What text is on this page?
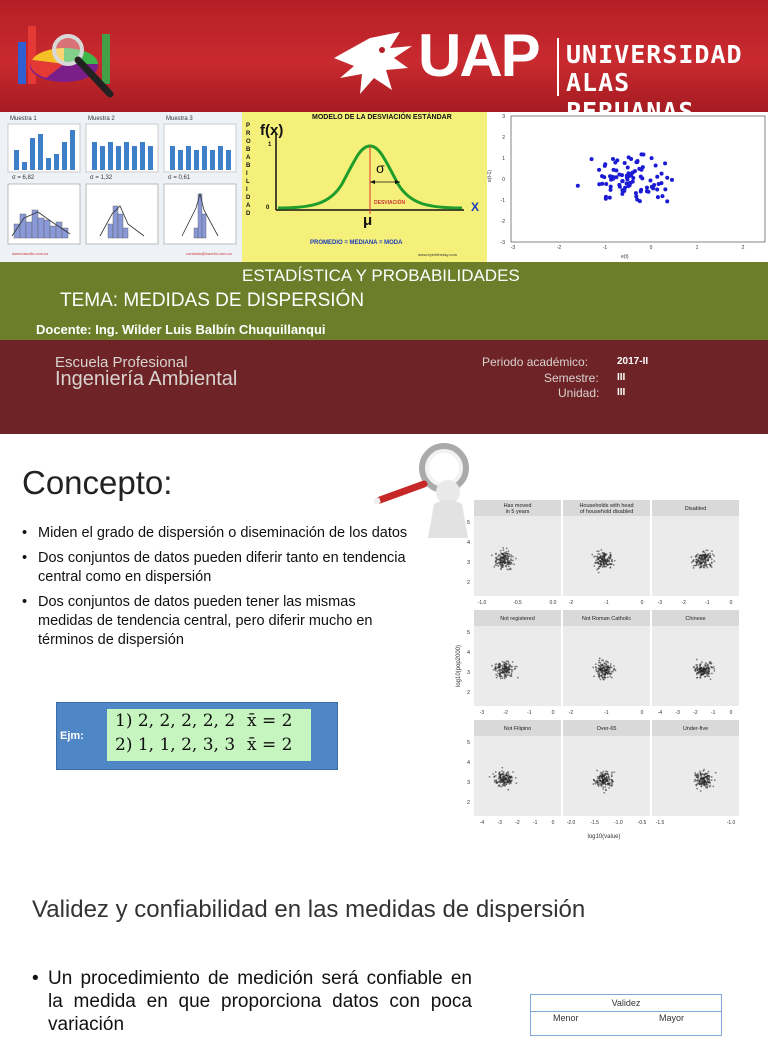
UAP UNIVERSIDAD
ALAS
Muestra 1	Muestra 2	Muestra 3
σ = 6,82	σ = 1,32	σ = 0,61
www.inscrito.com.co	contacto@inscrito.com.co
MODELO DE LA DESVIACIÓN ESTÁNDAR
P
R
O
B
A
B
I
L
I
D
A
D
f(x)
1
0	X
σ
DESVIACIÓN
μ
PROMEDIO = MEDIANA = MODA
www.eyeinthesky.com
3
2
1
0
-1
-2
-3
-3	-2	-1	0	1	2
e(t-1)
e(t)
ESTADÍSTICA Y PROBABILIDADES
TEMA: MEDIDAS DE DISPERSIÓN
Docente: Ing. Wilder Luis Balbín Chuquillanqui
Escuela Profesional
Ingeniería Ambiental
Periodo académico:	2017-II
Semestre: III
Unidad: III
Concepto:
• Miden el grado de dispersión o diseminación de los datos
• Dos conjuntos de datos pueden diferir tanto en tendencia central como en dispersión
• Dos conjuntos de datos pueden tener las mismas medidas de tendencia central, pero diferir mucho en términos de dispersión
Ejm:
1) 2, 2, 2, 2, 2 x̄ = 2
2) 1, 1, 2, 3, 3 x̄ = 2
Has moved
in 5 years
5
4
3
2
-1.0	-0.5	0.0
Households with head
of household disabled
-2	-1	0
Disabled
-3	-2	-1	0
Not registered
5
4
3
2
-3	-2	-1	0
Not Roman Catholic
-2	-1	0
Chinese
-4	-3	-2	-1	0
Not Filipino
5
4
3
2
-4	-3	-2	-1	0
Over-65
-2.0	-1.5	-1.0	-0.5
Under-five
-1.5	-1.0
log10(pop2000)
log10(value)
Validez y confiabilidad en las medidas de dispersión
• Un procedimiento de medición será confiable en la medida en que proporciona datos con poca variación
Validez
Menor	Mayor
